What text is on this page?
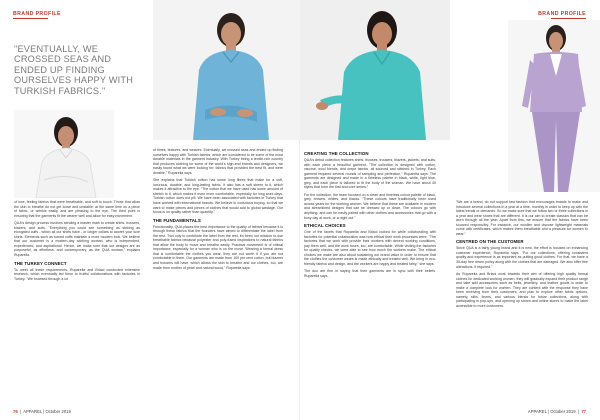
BRAND PROFILE
"EVENTUALLY, WE CROSSED SEAS AND ENDED UP FINDING OURSELVES HAPPY WITH TURKISH FABRICS."

of luxe, feeling fabrics that were breathable, and soft to touch. Those that allow the skin to breathe do not get loose and unstable; at the same time on a piece of fabric, or wrinkle easily, and are pleasing to the eye. The third point is ensuring that the garments fit the wearer well and allow for easy movement.

QUA's design process involves sending a master mark to create shirts, trousers, blazers, and suits. "Everything you could see something as striking as elongated cuffs - which all our shirts have - or longer collars to accent your luxe shirts. Elements such as turned cuffs maintain a more modern look. We believe that our customer is a modern-day working woman, who is independent, experienced, and aspirational. Hence, we make sure that our designs are as purposeful, as effortless, and contemporary, as the QUA woman," explains Ruparelia.

THE TURKEY CONNECT

To meet all these requirements, Ruparelia and Brlaoi conducted extensive research, which eventually led them to fruitful collaborations with factories in Turkey. "We browsed through a lot

of times, textures, and weaves. Eventually, we crossed seas and ended up finding ourselves happy with Turkish fabrics, which are considered to be some of the most durable materials in the garment industry. With Turkey being a textile-rich country that produces clothing for some of the world's high-end brands and designers, we easily found what we were looking for: fabrics that provided the best fit, and were durable," Ruparelia says.

She explains that Turkish cotton has some long fibres that make for a soft, luxurious, durable, and long-lasting fabric. It also has a soft sheen to it, which makes it attractive to the eye. "The cotton that we have used has some amount of stretch to it, which makes it even more comfortable, especially for long work days. Turkish cotton does not pill. We have been associated with factories in Turkey that have worked with international brands. We believe in conscious buying, so that we want to make pieces and pieces of clothes that would add to global wastage. Our focus is on quality rather than quantity."

THE FUNDAMENTALS

Functionality, QUA places the best importance to the quality of fabrics because it is through these fabrics that the founders have aimed to differentiate the label from the rest. "Not only to contribute the label from the rest, it's been our mission to use breathable fabrics because polyester and poly-fused inspirations to natural fabrics that allow the body to move and breathe easily. Practical movement is of critical importance, especially for a woman who is on the move. Wearing a formal dress that is comfortable the clothes you wear, they are not worth it if you are not comfortable in them. Our garments are made from 100 per cent cotton, but blazers and trousers will have, which allows the skin to breathe and our clothes, too, are made from mother of pearl and natural wood," Ruparelia says.

76  |  APPAREL | October 2019
BRAND PROFILE
CREATING THE COLLECTION

QUA's debut collection features shirts, blouses, trousers, blazers, jackets, and suits, with each piece a beautiful garment. "The collection is designed with cotton, viscose, wool blends, and crepe fabrics, all sourced and stitched in Turkey. Each garment required several rounds of sampling and perfection," Ruparelia says. The garments are designed and made in a timeless palette in black, white, light blue, grey, and each piece is tailored to fit the body of the woman. We have about 40 styles that form the first and core series."

For the collection, the team focused on a clean and timeless colour palette of black, grey, browns, whites, and blacks. "These colours have traditionally been used across years for the working women. We believe that these are available in modern and streamlined designs that can be dressed up or down. The colours go with anything, and can be easily paired with other clothes and accessories that go with a busy day at work, or a night out."

ETHICAL CHOICES

One of the facets that Ruparelia and Brlaoi looked for while collaborating with factories for potential collaboration was how ethical their work processes were. "The factories that we work with provide their workers with decent working conditions, pay them well, and the work hours, too, are comfortable. While visiting the factories for quality checks, we were able to see how much the workers make. The ethical choices we make are also about sustaining our brand value in order to ensure that the clothes the customer wears is made ethically and treated well. We bring in eco-friendly fabrics and design, and the workers are happy and treated fairly," she says.

The duo are firm in saying that their garments are in sync with their beliefs. Ruparelia says,

"We are a brand, do not support fast fashion that encourages brands to make and introduce several collections in a year at a time, monthly in order to keep up with the latest trends or demands. So we make sure that we follow two or three collections in a year and wear shoes that are different. It is our aim to create classics that can be worn through all the year. Apart from this, we ensure that the fabrics have been sourced responsibly. For instance, our woollen and viscose lightweight materials come with certificates, which makes them breathable and a pleasure for women to wear."

CENTRED ON THE CUSTOMER

Since QUA is a fairly young brand and it is new, the effort is focused on enhancing customer experience, Ruparelia says. "For our collections, offering consistent quality and experience is as important as putting good clothes. For that, we have a 30-day free return policy along with the clothes that are damaged. We also offer free alterations, if required."

As Ruparelia and Brlaoi work towards their aim of offering high quality formal clothes for dedicated working women, they will gradually expand their product range and take add accessories such as belts, jewellery, and leather goods in order to make a complete look for women. They are content with the response they have been receiving from their customers, and plan to explore other fabric options, namely, silks, linens, and various blends for future collections, along with participating in pop-ups, and opening up stores and online stores to make the label accessible to more customers.

APPAREL | October 2019  |  77
